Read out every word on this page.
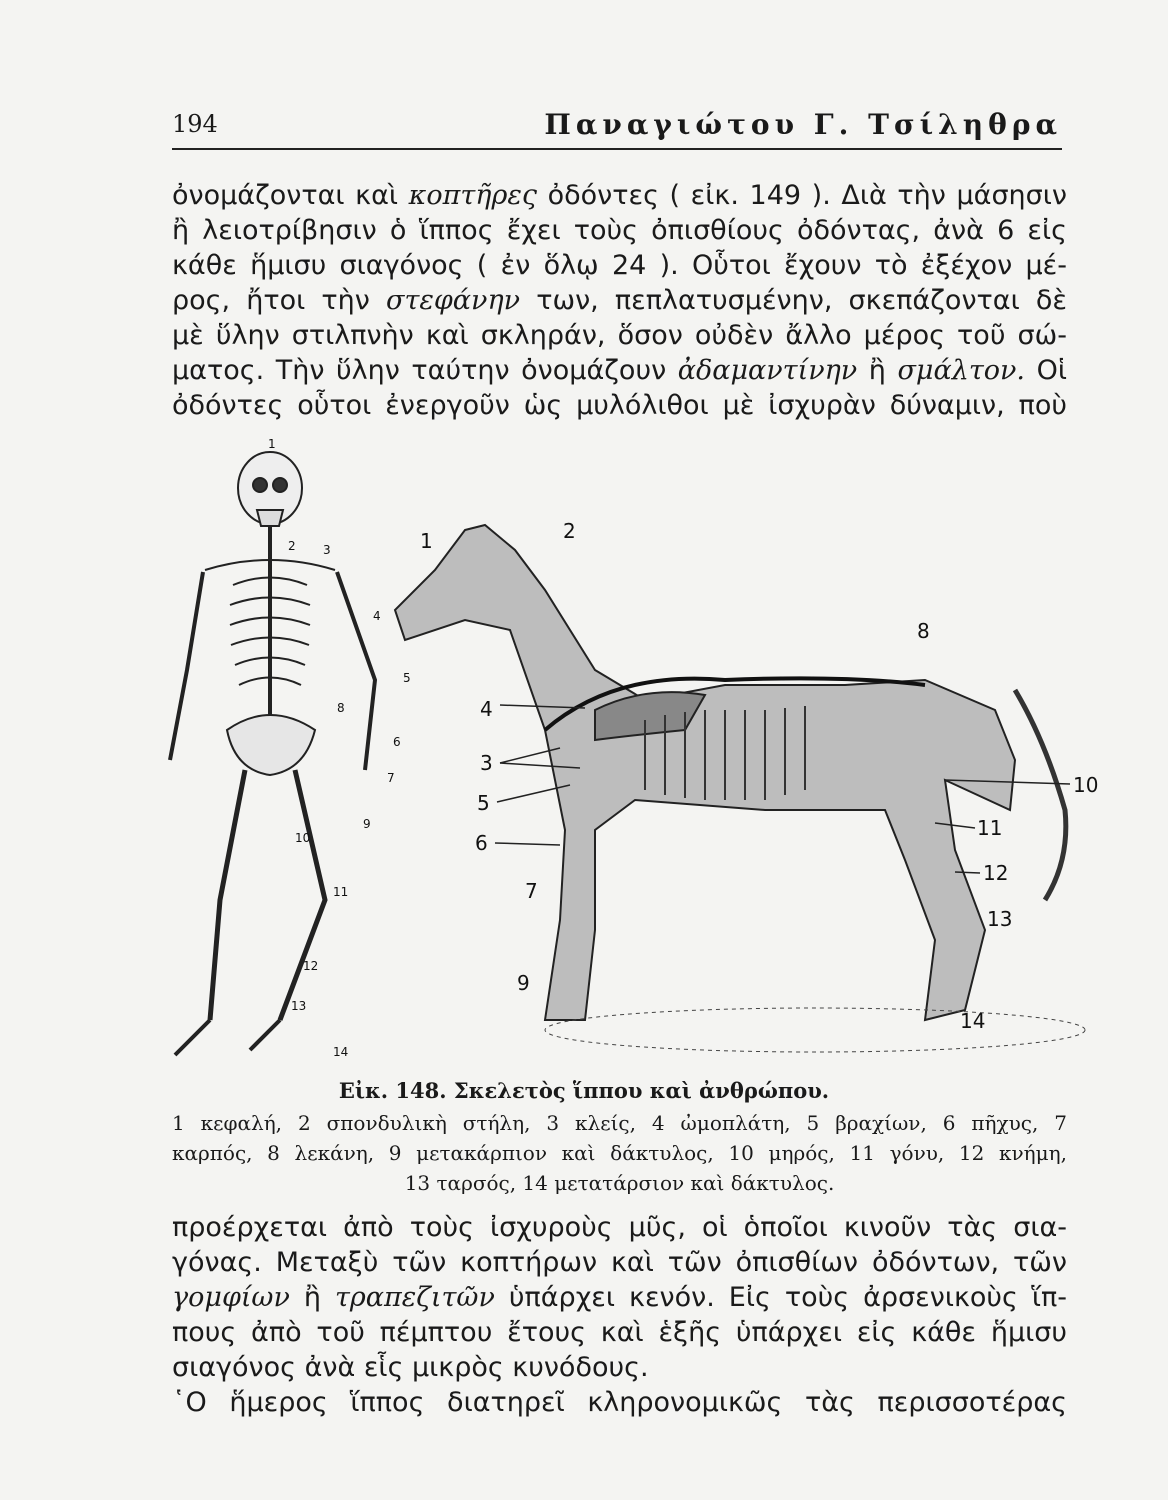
194	Παναγιώτου Γ. Τσίληθρα
ὀνομάζονται καὶ κοπτῆρες ὀδόντες ( εἰκ. 149 ). Διὰ τὴν μάσησιν
ἢ λειοτρίβησιν ὁ ἵππος ἔχει τοὺς ὀπισθίους ὀδόντας, ἀνὰ 6 εἰς
κάθε ἥμισυ σιαγόνος ( ἐν ὅλῳ 24 ). Οὗτοι ἔχουν τὸ ἐξέχον μέ-
ρος, ἤτοι τὴν στεφάνην των, πεπλατυσμένην, σκεπάζονται δὲ
μὲ ὕλην στιλπνὴν καὶ σκληράν, ὅσον οὐδὲν ἄλλο μέρος τοῦ σώ-
ματος. Τὴν ὕλην ταύτην ὀνομάζουν ἀδαμαντίνην ἢ σμάλτον. Οἱ
ὀδόντες οὗτοι ἐνεργοῦν ὡς μυλόλιθοι μὲ ἰσχυρὰν δύναμιν, ποὺ
1
2 3
4
5
6
7
8
9
10
11
12
13
14
1	2
3
4
5
6
7
8
9
10
11
12
13
14
Εἰκ. 148. Σκελετὸς ἵππου καὶ ἀνθρώπου.
1 κεφαλή, 2 σπονδυλικὴ στήλη, 3 κλείς, 4 ὠμοπλάτη, 5 βραχίων, 6 πῆχυς, 7
καρπός, 8 λεκάνη, 9 μετακάρπιον καὶ δάκτυλος, 10 μηρός, 11 γόνυ, 12 κνήμη,
13 ταρσός, 14 μετατάρσιον καὶ δάκτυλος.
προέρχεται ἀπὸ τοὺς ἰσχυροὺς μῦς, οἱ ὁποῖοι κινοῦν τὰς σια-
γόνας. Μεταξὺ τῶν κοπτήρων καὶ τῶν ὀπισθίων ὀδόντων, τῶν
γομφίων ἢ τραπεζιτῶν ὑπάρχει κενόν. Εἰς τοὺς ἀρσενικοὺς ἵπ-
πους ἀπὸ τοῦ πέμπτου ἔτους καὶ ἑξῆς ὑπάρχει εἰς κάθε ἥμισυ
σιαγόνος ἀνὰ εἷς μικρὸς κυνόδους.
῾Ο ἥμερος ἵππος διατηρεῖ κληρονομικῶς τὰς περισσοτέρας
